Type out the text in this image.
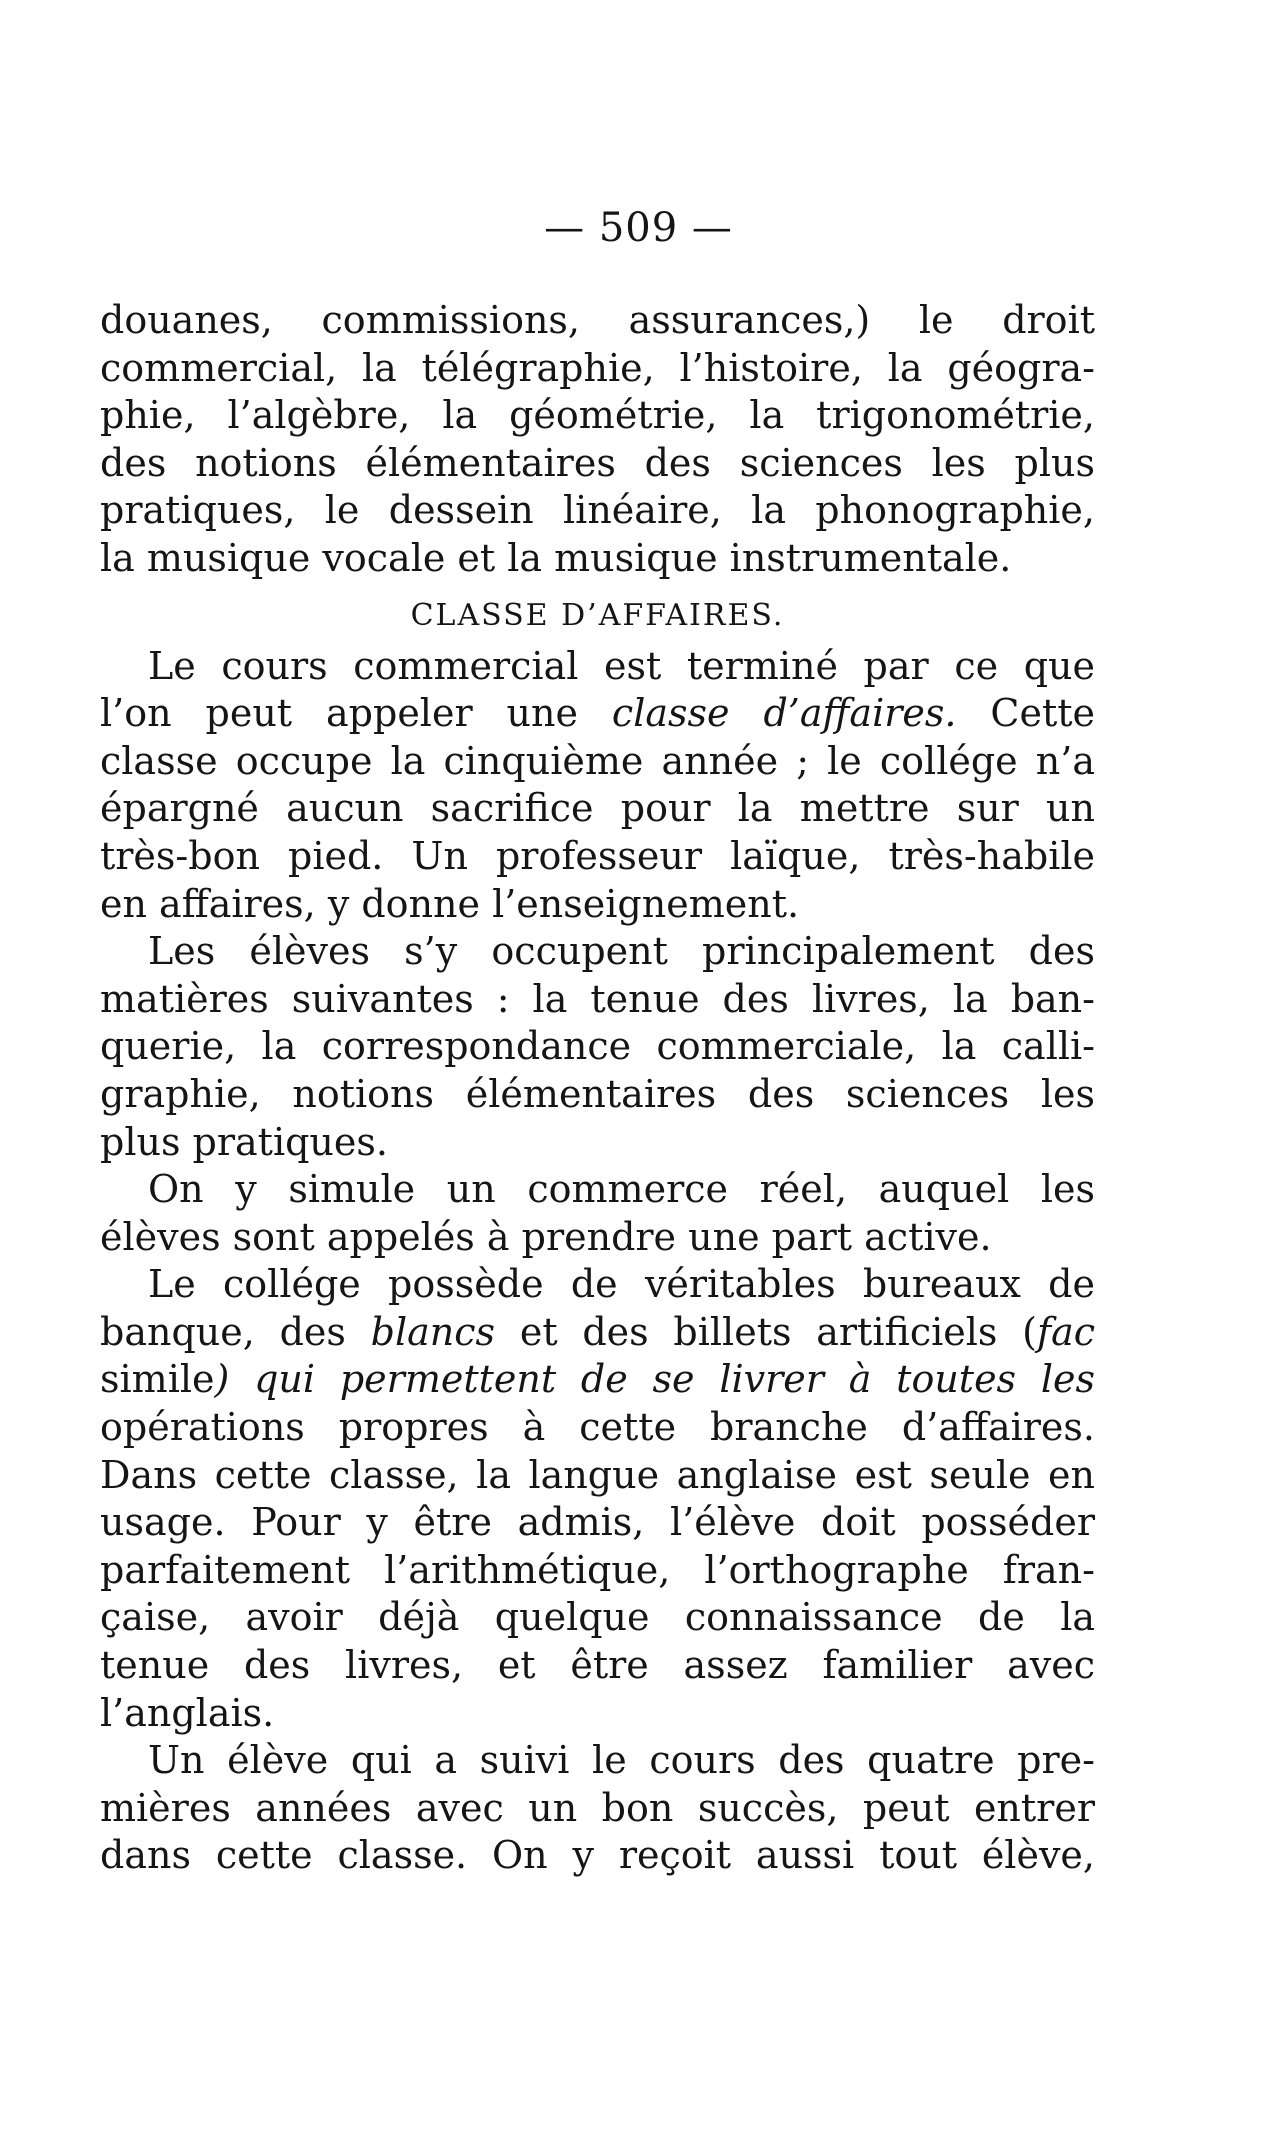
— 509 —
douanes, commissions, assurances,) le droit
commercial, la télégraphie, l’histoire, la géogra-
phie, l’algèbre, la géométrie, la trigonométrie,
des notions élémentaires des sciences les plus
pratiques, le dessein linéaire, la phonographie,
la musique vocale et la musique instrumentale.
CLASSE D’AFFAIRES.
Le cours commercial est terminé par ce que
l’on peut appeler une classe d’affaires. Cette
classe occupe la cinquième année ; le collége n’a
épargné aucun sacrifice pour la mettre sur un
très-bon pied. Un professeur laïque, très-habile
en affaires, y donne l’enseignement.
Les élèves s’y occupent principalement des
matières suivantes : la tenue des livres, la ban-
querie, la correspondance commerciale, la calli-
graphie, notions élémentaires des sciences les
plus pratiques.
On y simule un commerce réel, auquel les
élèves sont appelés à prendre une part active.
Le collége possède de véritables bureaux de
banque, des blancs et des billets artificiels (fac
simile) qui permettent de se livrer à toutes les
opérations propres à cette branche d’affaires.
Dans cette classe, la langue anglaise est seule en
usage. Pour y être admis, l’élève doit posséder
parfaitement l’arithmétique, l’orthographe fran-
çaise, avoir déjà quelque connaissance de la
tenue des livres, et être assez familier avec
l’anglais.
Un élève qui a suivi le cours des quatre pre-
mières années avec un bon succès, peut entrer
dans cette classe. On y reçoit aussi tout élève,
